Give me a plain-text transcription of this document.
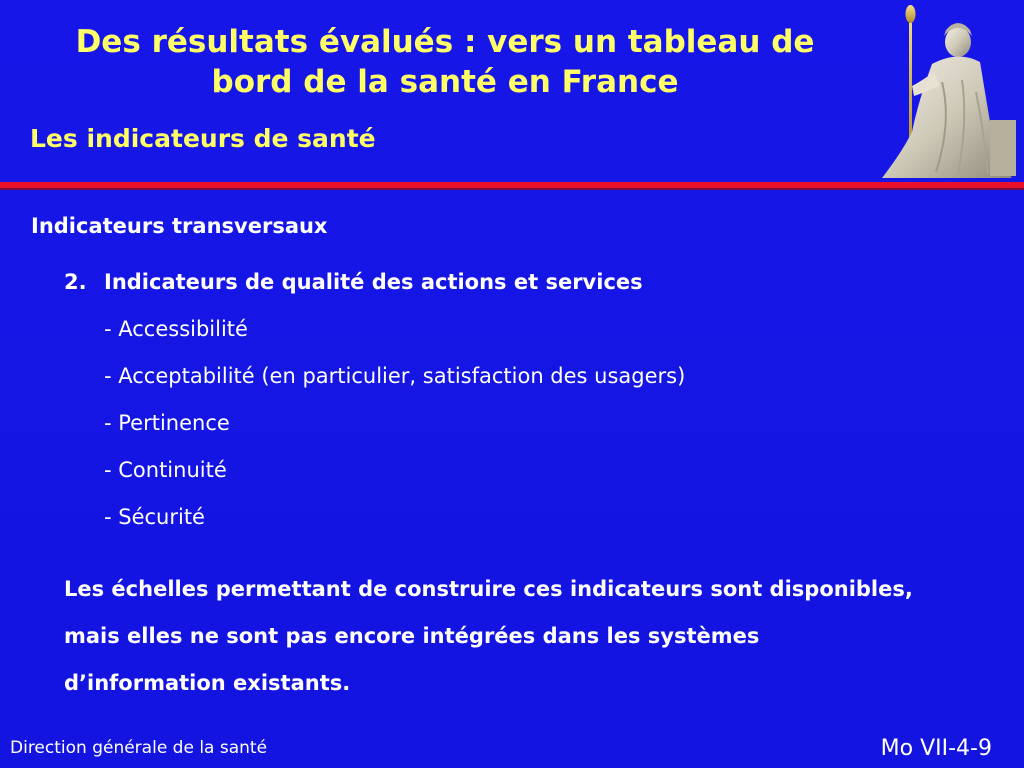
Des résultats évalués : vers un tableau de
bord de la santé en France
Les indicateurs de santé
Indicateurs transversaux
2. Indicateurs de qualité des actions et services
- Accessibilité
- Acceptabilité (en particulier, satisfaction des usagers)
- Pertinence
- Continuité
- Sécurité
Les échelles permettant de construire ces indicateurs sont disponibles, mais elles ne sont pas encore intégrées dans les systèmes d’information existants.
Direction générale de la santé	Mo VII-4-9
